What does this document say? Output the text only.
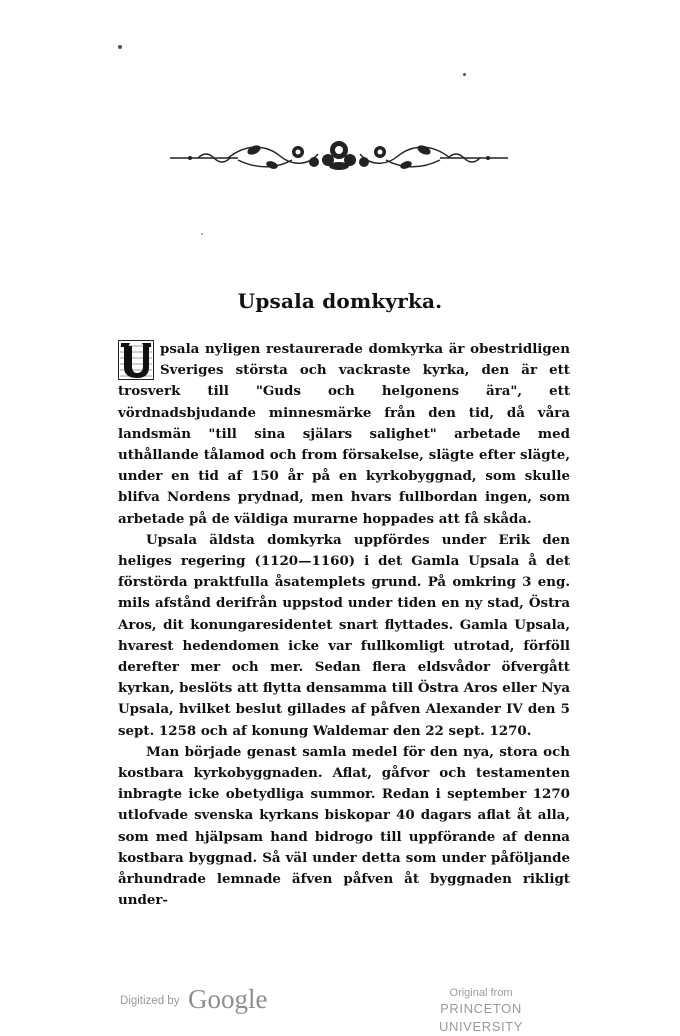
Upsala domkyrka.

psala nyligen restaurerade domkyrka är obestridligen Sveriges största och vackraste kyrka, den är ett trosverk till "Guds och helgonens ära", ett vördnadsbjudande minnesmärke från den tid, då våra landsmän "till sina själars salighet" arbetade med uthållande tålamod och from försakelse, slägte efter slägte, under en tid af 150 år på en kyrkobyggnad, som skulle blifva Nordens prydnad, men hvars fullbordan ingen, som arbetade på de väldiga murarne hoppades att få skåda.

Upsala äldsta domkyrka uppfördes under Erik den heliges regering (1120—1160) i det Gamla Upsala å det förstörda praktfulla åsatemplets grund. På omkring 3 eng. mils afstånd derifrån uppstod under tiden en ny stad, Östra Aros, dit konungaresidentet snart flyttades. Gamla Upsala, hvarest hedendomen icke var fullkomligt utrotad, förföll derefter mer och mer. Sedan flera eldsvådor öfvergått kyrkan, beslöts att flytta densamma till Östra Aros eller Nya Upsala, hvilket beslut gillades af påfven Alexander IV den 5 sept. 1258 och af konung Waldemar den 22 sept. 1270.

Man började genast samla medel för den nya, stora och kostbara kyrkobyggnaden. Aflat, gåfvor och testamenten inbragte icke obetydliga summor. Redan i september 1270 utlofvade svenska kyrkans biskopar 40 dagars aflat åt alla, som med hjälpsam hand bidrogo till uppförande af denna kostbara byggnad. Så väl under detta som under påföljande århundrade lemnade äfven påfven åt byggnaden rikligt under-

Digitized by Google	Original from
PRINCETON UNIVERSITY
